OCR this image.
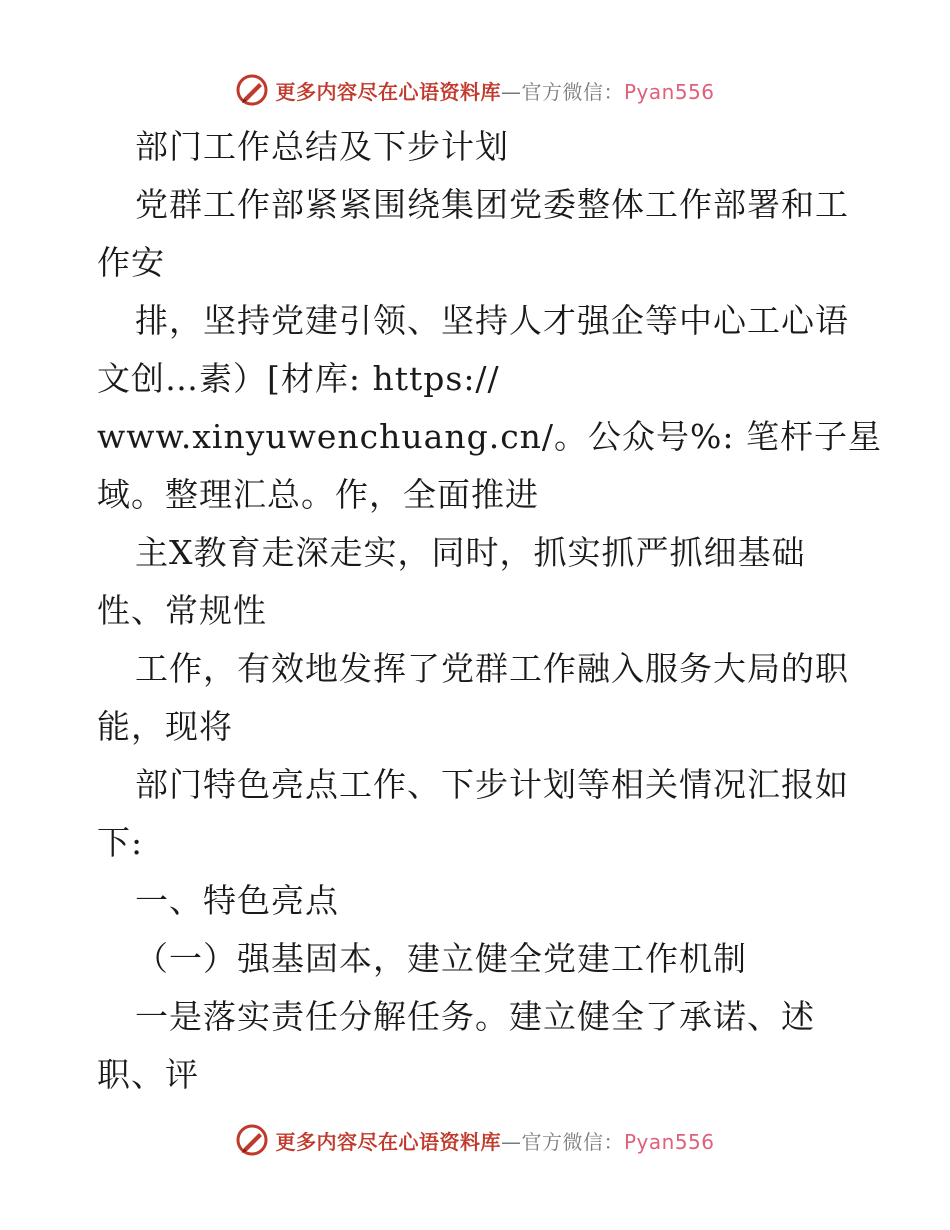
更多内容尽在心语资料库—官方微信：Pyan556
部门工作总结及下步计划
党群工作部紧紧围绕集团党委整体工作部署和工
作安
排，坚持党建引领、坚持人才强企等中心工心语
文创…素）[材库: https://
www.xinyuwenchuang.cn/。公众号%: 笔杆子星
域。整理汇总。作，全面推进
主X教育走深走实，同时，抓实抓严抓细基础
性、常规性
工作，有效地发挥了党群工作融入服务大局的职
能，现将
部门特色亮点工作、下步计划等相关情况汇报如
下:
一、特色亮点
（一）强基固本，建立健全党建工作机制
一是落实责任分解任务。建立健全了承诺、述
职、评
更多内容尽在心语资料库—官方微信：Pyan556
